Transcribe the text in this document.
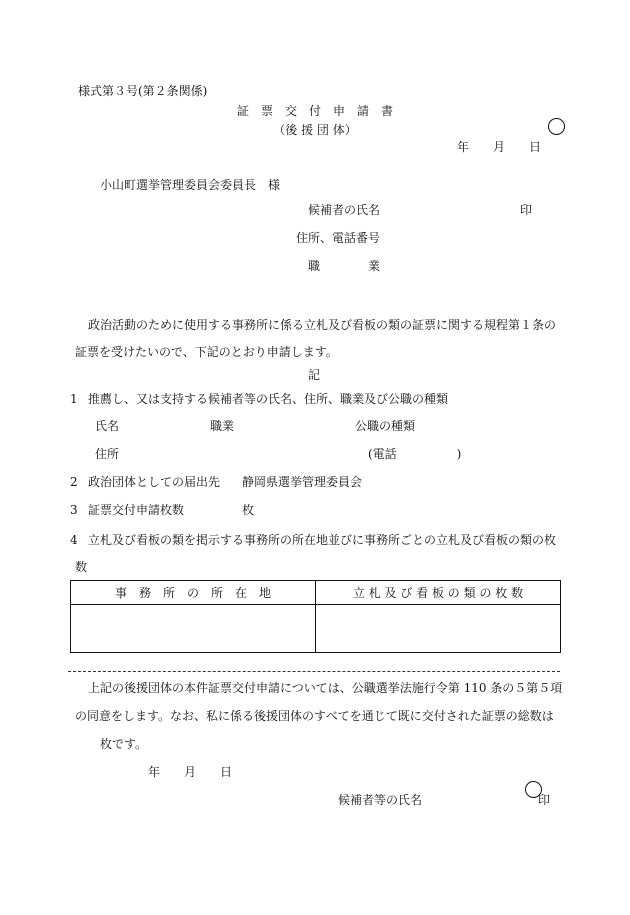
様式第３号(第２条関係)
証　票　交　付　申　請　書
（後 援 団 体）
年　　月　　日
小山町選挙管理委員会委員長　様
候補者の氏名	印
住所、電話番号
職　　　　業
政治活動のために使用する事務所に係る立札及び看板の類の証票に関する規程第１条の
証票を受けたいので、下記のとおり申請します。
記
1 推薦し、又は支持する候補者等の氏名、住所、職業及び公職の種類
氏名	職業	公職の種類
住所	(電話　　　　　)
2 政治団体としての届出先 静岡県選挙管理委員会
3 証票交付申請枚数	枚
4 立札及び看板の類を掲示する事務所の所在地並びに事務所ごとの立札及び看板の類の枚
数
事　務　所　の　所　在　地	立 札 及 び 看 板 の 類 の 枚 数
上記の後援団体の本件証票交付申請については、公職選挙法施行令第 110 条の５第５項
の同意をします。なお、私に係る後援団体のすべてを通じて既に交付された証票の総数は
枚です。
年　　月　　日
候補者等の氏名	印
